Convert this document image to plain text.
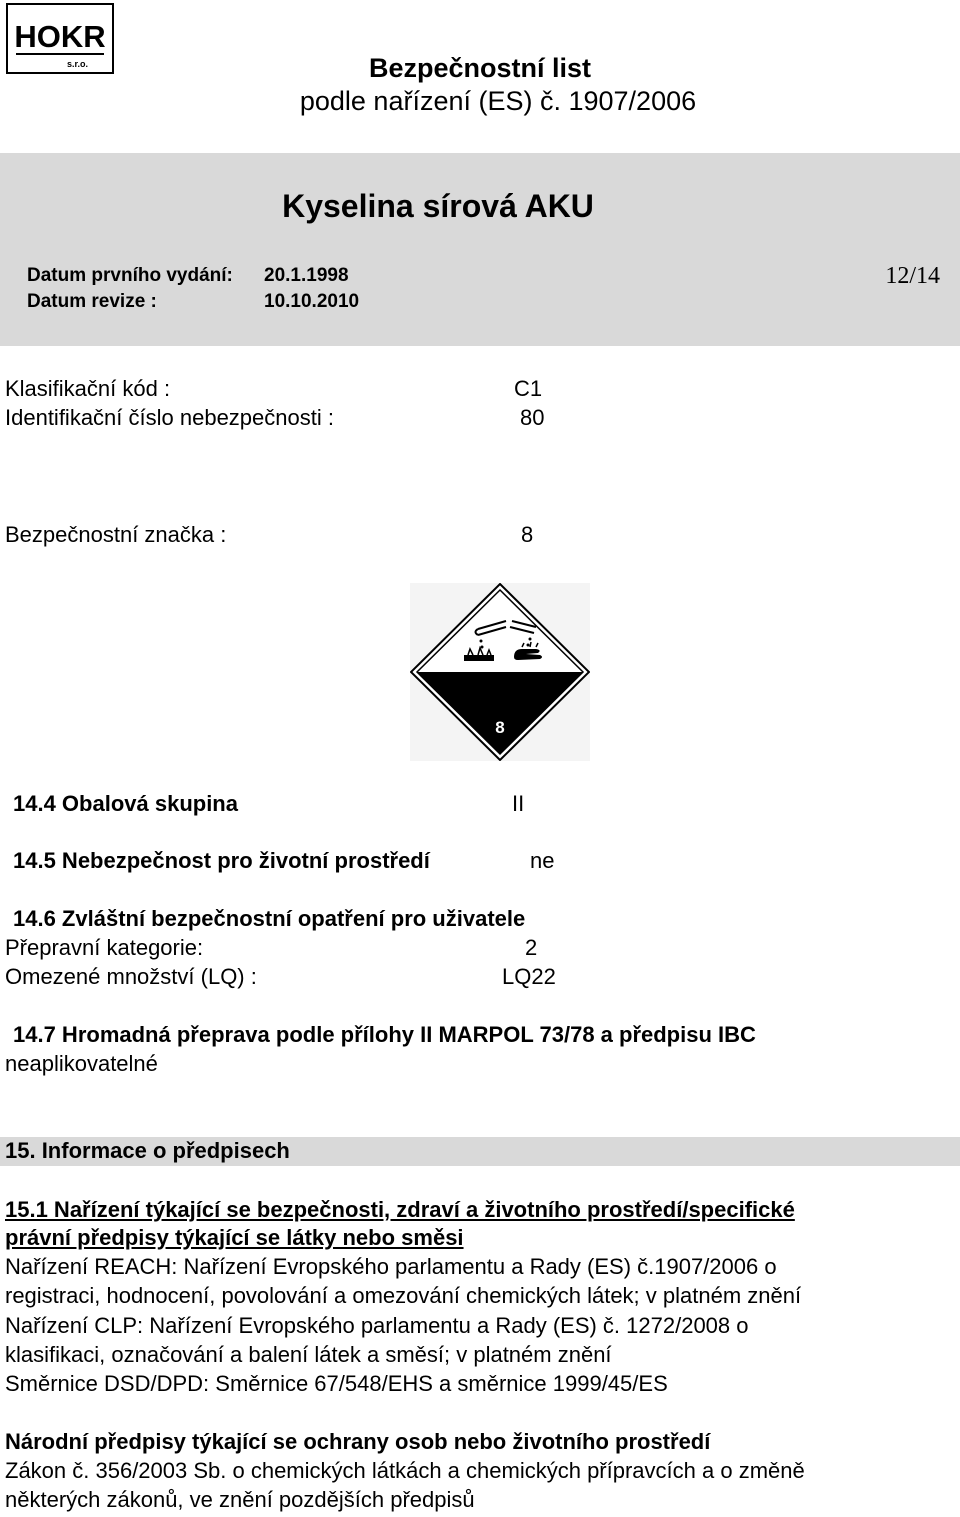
HOKR
s.r.o.	Bezpečnostní list
podle nařízení (ES) č. 1907/2006
Kyselina sírová AKU
Datum prvního vydání: 20.1.1998
Datum revize :	10.10.2010
12/14
Klasifikační kód :	C1
Identifikační číslo nebezpečnosti :	80
Bezpečnostní značka :	8
8
14.4 Obalová skupina	II
14.5 Nebezpečnost pro životní prostředí	ne
14.6 Zvláštní bezpečnostní opatření pro uživatele
Přepravní kategorie:	2
Omezené množství (LQ) :	LQ22
14.7 Hromadná přeprava podle přílohy II MARPOL 73/78 a předpisu IBC
neaplikovatelné
15. Informace o předpisech
15.1 Nařízení týkající se bezpečnosti, zdraví a životního prostředí/specifické
právní předpisy týkající se látky nebo směsi
Nařízení REACH: Nařízení Evropského parlamentu a Rady (ES) č.1907/2006 o
registraci, hodnocení, povolování a omezování chemických látek; v platném znění
Nařízení CLP: Nařízení Evropského parlamentu a Rady (ES) č. 1272/2008 o
klasifikaci, označování a balení látek a směsí; v platném znění
Směrnice DSD/DPD: Směrnice 67/548/EHS a směrnice 1999/45/ES
Národní předpisy týkající se ochrany osob nebo životního prostředí
Zákon č. 356/2003 Sb. o chemických látkách a chemických přípravcích a o změně
některých zákonů, ve znění pozdějších předpisů
